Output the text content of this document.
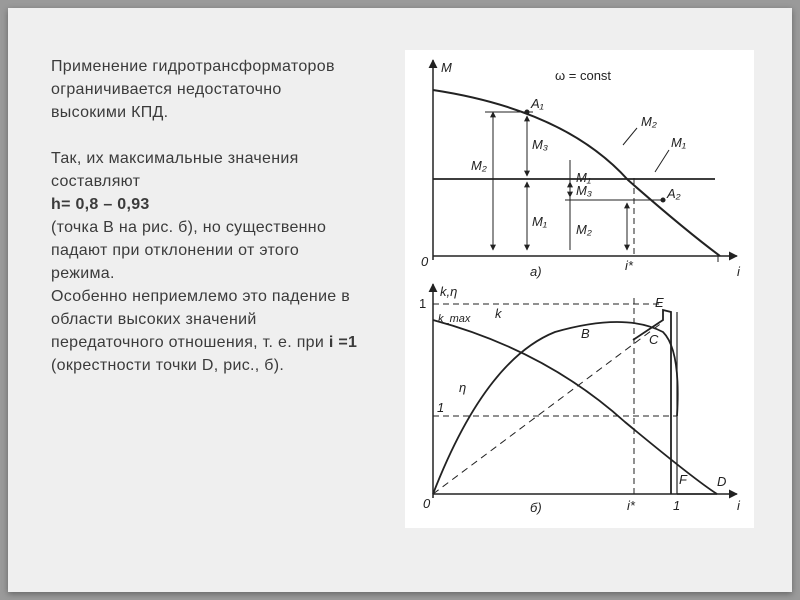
Применение гидротрансформаторов ограничивается недостаточно высокими КПД.

Так, их максимальные значения составляют
h= 0,8 – 0,93
(точка В на рис. б), но существенно падают при отклонении от этого режима.

Особенно неприемлемо это падение в области высоких значений передаточного отношения, т. е. при i =1 (окрестности точки D, рис., б).

M
ω = const
A₁
M₂
M₁
M₂
M₃
M₁
M₃
M₁
M₂
A₂
0	i*
а)	i
k,η
1
k_max k
η
1
B	C
E
F D
0	б)	i*	1	i
